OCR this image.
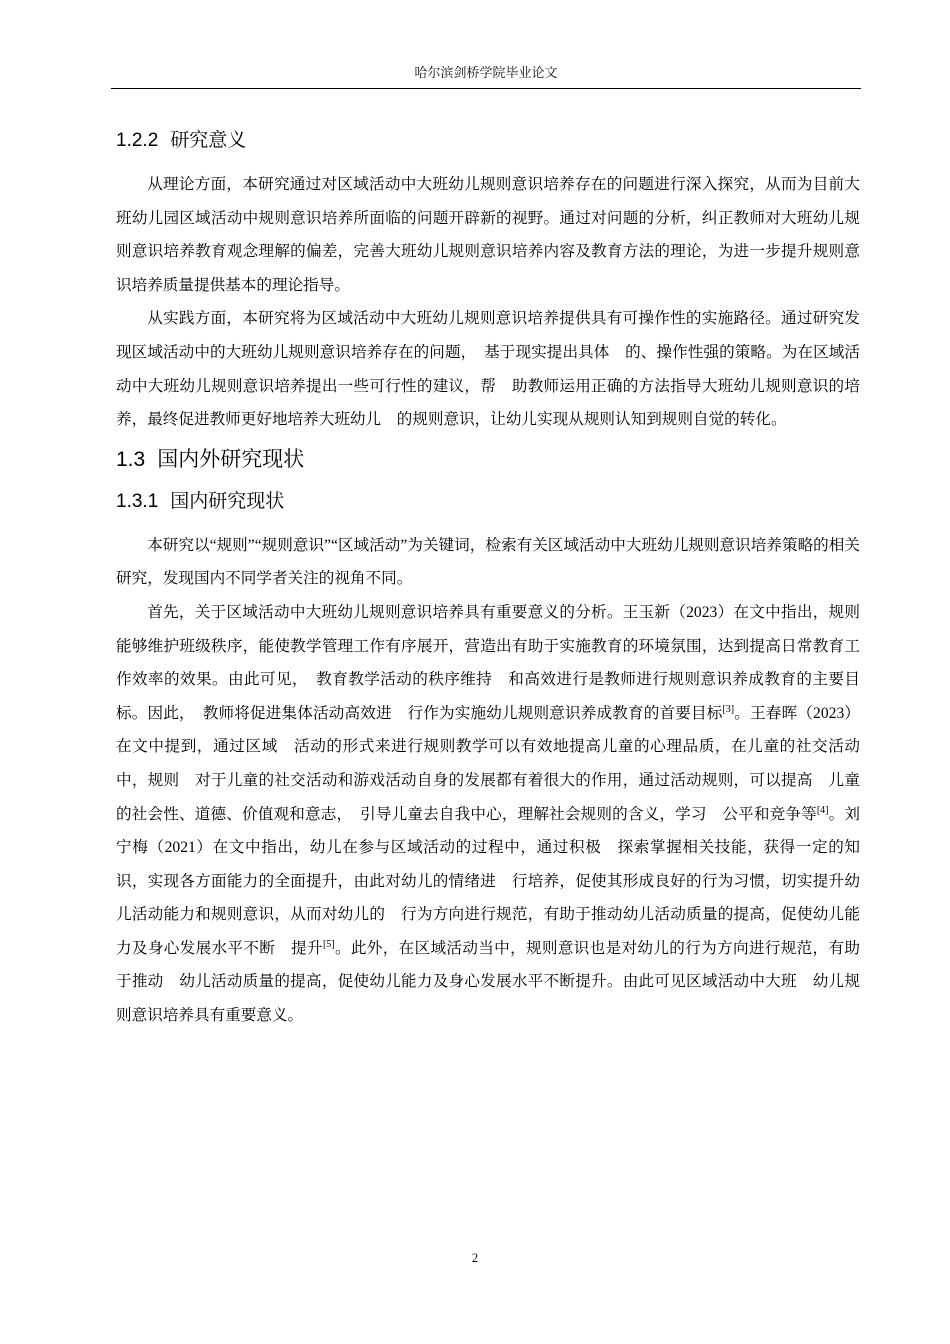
哈尔滨剑桥学院毕业论文
1.2.2 研究意义

从理论方面，本研究通过对区域活动中大班幼儿规则意识培养存在的问题进行深入探究，从而为目前大班幼儿园区域活动中规则意识培养所面临的问题开辟新的视野。通过对问题的分析，纠正教师对大班幼儿规则意识培养教育观念理解的偏差，完善大班幼儿规则意识培养内容及教育方法的理论，为进一步提升规则意识培养质量提供基本的理论指导。

从实践方面，本研究将为区域活动中大班幼儿规则意识培养提供具有可操作性的实施路径。通过研究发现区域活动中的大班幼儿规则意识培养存在的问题，　基于现实提出具体　的、操作性强的策略。为在区域活动中大班幼儿规则意识培养提出一些可行性的建议，帮　助教师运用正确的方法指导大班幼儿规则意识的培养，最终促进教师更好地培养大班幼儿　的规则意识，让幼儿实现从规则认知到规则自觉的转化。

1.3 国内外研究现状
1.3.1 国内研究现状

本研究以“规则”“规则意识”“区域活动”为关键词，检索有关区域活动中大班幼儿规则意识培养策略的相关研究，发现国内不同学者关注的视角不同。

首先，关于区域活动中大班幼儿规则意识培养具有重要意义的分析。王玉新（2023）在文中指出，规则能够维护班级秩序，能使教学管理工作有序展开，营造出有助于实施教育的环境氛围，达到提高日常教育工作效率的效果。由此可见，　教育教学活动的秩序维持　和高效进行是教师进行规则意识养成教育的主要目标。因此，　教师将促进集体活动高效进　行作为实施幼儿规则意识养成教育的首要目标[3]。王春晖（2023）在文中提到，通过区域　活动的形式来进行规则教学可以有效地提高儿童的心理品质，在儿童的社交活动中，规则　对于儿童的社交活动和游戏活动自身的发展都有着很大的作用，通过活动规则，可以提高　儿童的社会性、道德、价值观和意志，　引导儿童去自我中心，理解社会规则的含义，学习　公平和竞争等[4]。刘宁梅（2021）在文中指出，幼儿在参与区域活动的过程中，通过积极　探索掌握相关技能，获得一定的知识，实现各方面能力的全面提升，由此对幼儿的情绪进　行培养，促使其形成良好的行为习惯，切实提升幼儿活动能力和规则意识，从而对幼儿的　行为方向进行规范，有助于推动幼儿活动质量的提高，促使幼儿能力及身心发展水平不断　提升[5]。此外，在区域活动当中，规则意识也是对幼儿的行为方向进行规范，有助于推动　幼儿活动质量的提高，促使幼儿能力及身心发展水平不断提升。由此可见区域活动中大班　幼儿规则意识培养具有重要意义。

2
